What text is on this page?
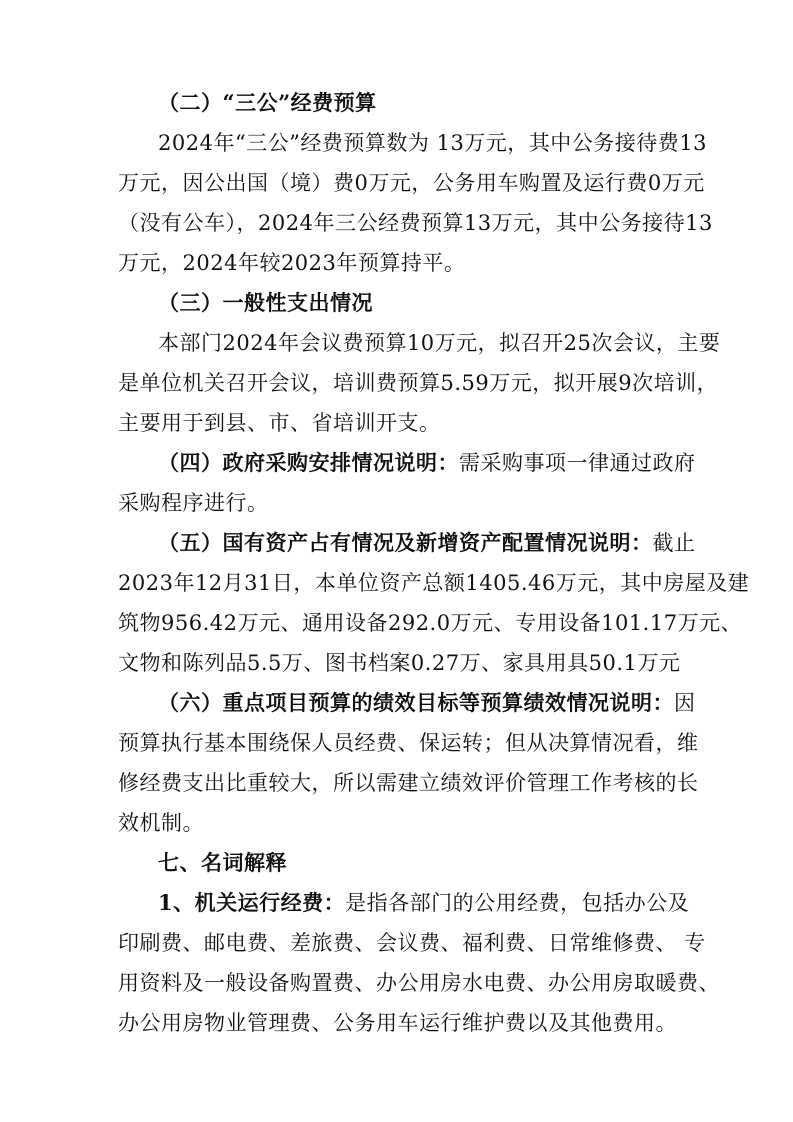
（二）“三公”经费预算
2024年“三公”经费预算数为 13万元，其中公务接待费13
万元，因公出国（境）费0万元，公务用车购置及运行费0万元
（没有公车），2024年三公经费预算13万元，其中公务接待13
万元，2024年较2023年预算持平。
（三）一般性支出情况
本部门2024年会议费预算10万元，拟召开25次会议，主要
是单位机关召开会议，培训费预算5.59万元，拟开展9次培训，
主要用于到县、市、省培训开支。
（四）政府采购安排情况说明：需采购事项一律通过政府
采购程序进行。
（五）国有资产占有情况及新增资产配置情况说明：截止
2023年12月31日，本单位资产总额1405.46万元，其中房屋及建
筑物956.42万元、通用设备292.0万元、专用设备101.17万元、
文物和陈列品5.5万、图书档案0.27万、家具用具50.1万元
（六）重点项目预算的绩效目标等预算绩效情况说明：因
预算执行基本围绕保人员经费、保运转；但从决算情况看，维
修经费支出比重较大，所以需建立绩效评价管理工作考核的长
效机制。
七、名词解释
1、机关运行经费：是指各部门的公用经费，包括办公及
印刷费、邮电费、差旅费、会议费、福利费、日常维修费、 专
用资料及一般设备购置费、办公用房水电费、办公用房取暖费、
办公用房物业管理费、公务用车运行维护费以及其他费用。
